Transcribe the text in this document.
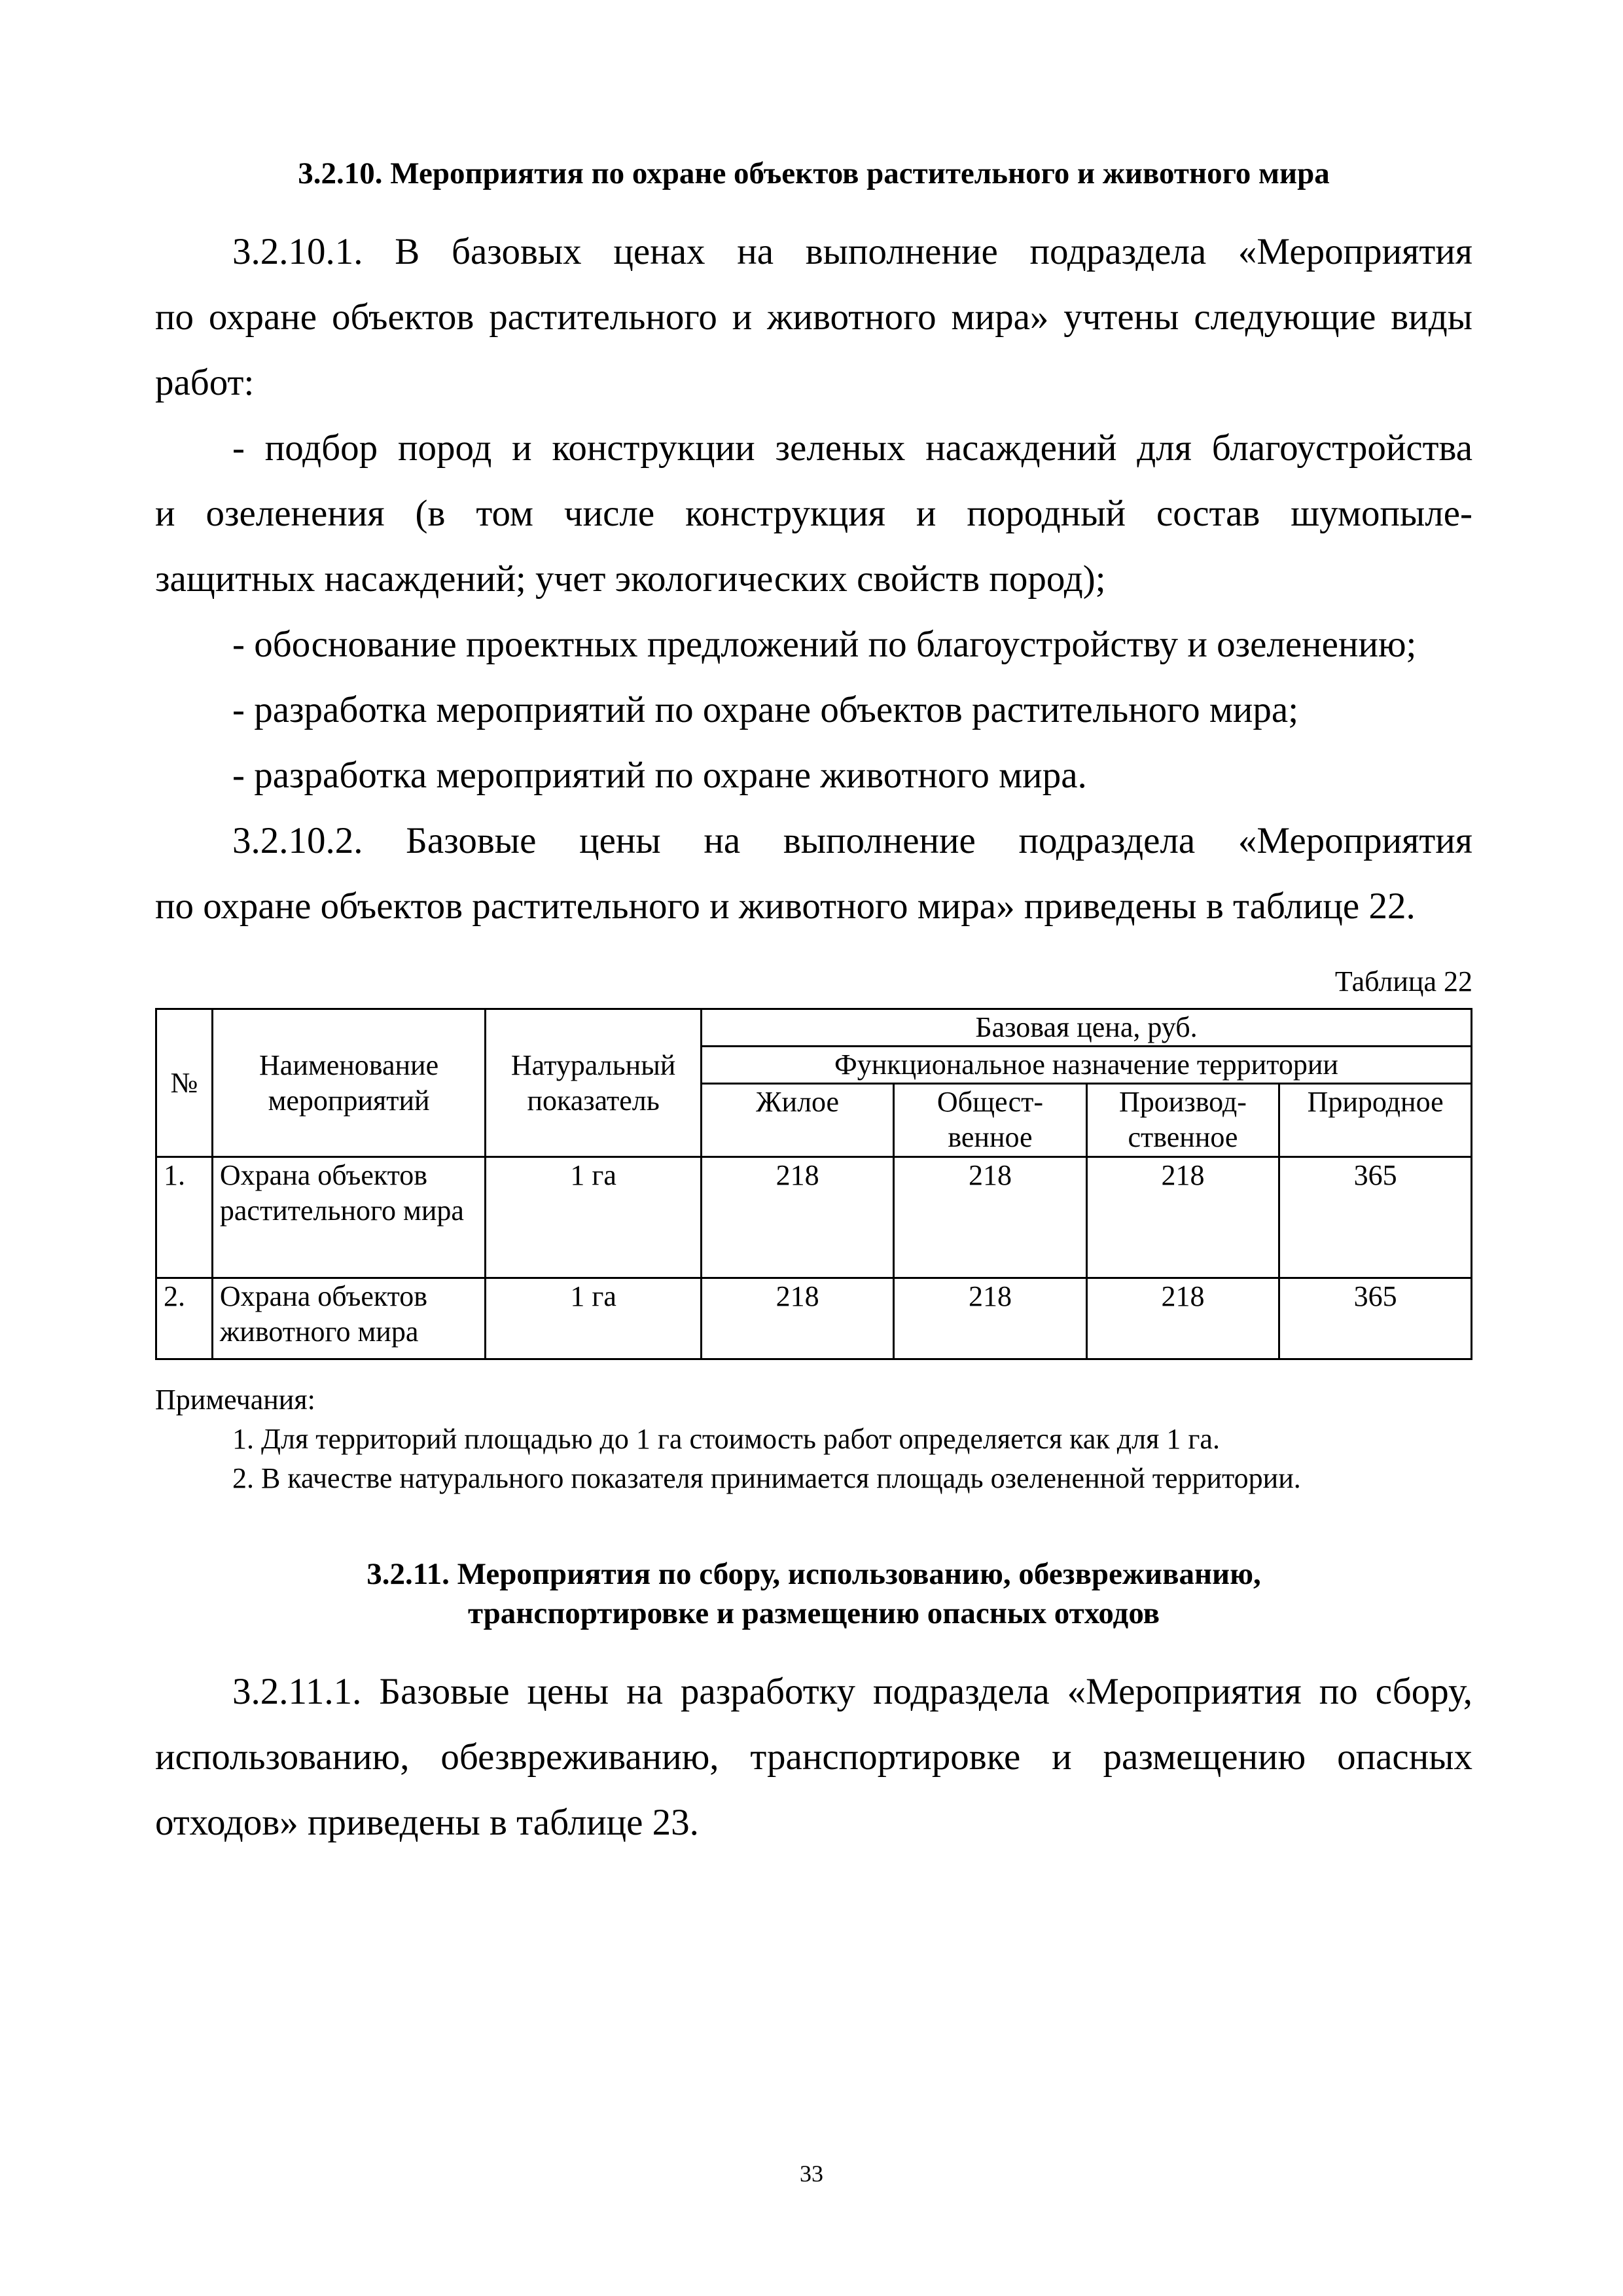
3.2.10. Мероприятия по охране объектов растительного и животного мира
3.2.10.1. В базовых ценах на выполнение подраздела «Мероприятия
по охране объектов растительного и животного мира» учтены следующие виды
работ:
- подбор пород и конструкции зеленых насаждений для благоустройства
и озеленения (в том числе конструкция и породный состав шумопыле-
защитных насаждений; учет экологических свойств пород);
- обоснование проектных предложений по благоустройству и озеленению;
- разработка мероприятий по охране объектов растительного мира;
- разработка мероприятий по охране животного мира.
3.2.10.2. Базовые цены на выполнение подраздела «Мероприятия
по охране объектов растительного и животного мира» приведены в таблице 22.
Таблица 22
№	Наименование мероприятий	Натуральный показатель	Базовая цена, руб.			
			Функциональное назначение территории			
			Жилое	Общест-венное	Производ-ственное	Природное
1.	Охрана объектов растительного мира	1 га	218	218	218	365
2.	Охрана объектов животного мира	1 га	218	218	218	365
Примечания:
1. Для территорий площадью до 1 га стоимость работ определяется как для 1 га.
2. В качестве натурального показателя принимается площадь озелененной территории.
3.2.11. Мероприятия по сбору, использованию, обезвреживанию,
транспортировке и размещению опасных отходов
3.2.11.1. Базовые цены на разработку подраздела «Мероприятия по сбору,
использованию, обезвреживанию, транспортировке и размещению опасных
отходов» приведены в таблице 23.
33
